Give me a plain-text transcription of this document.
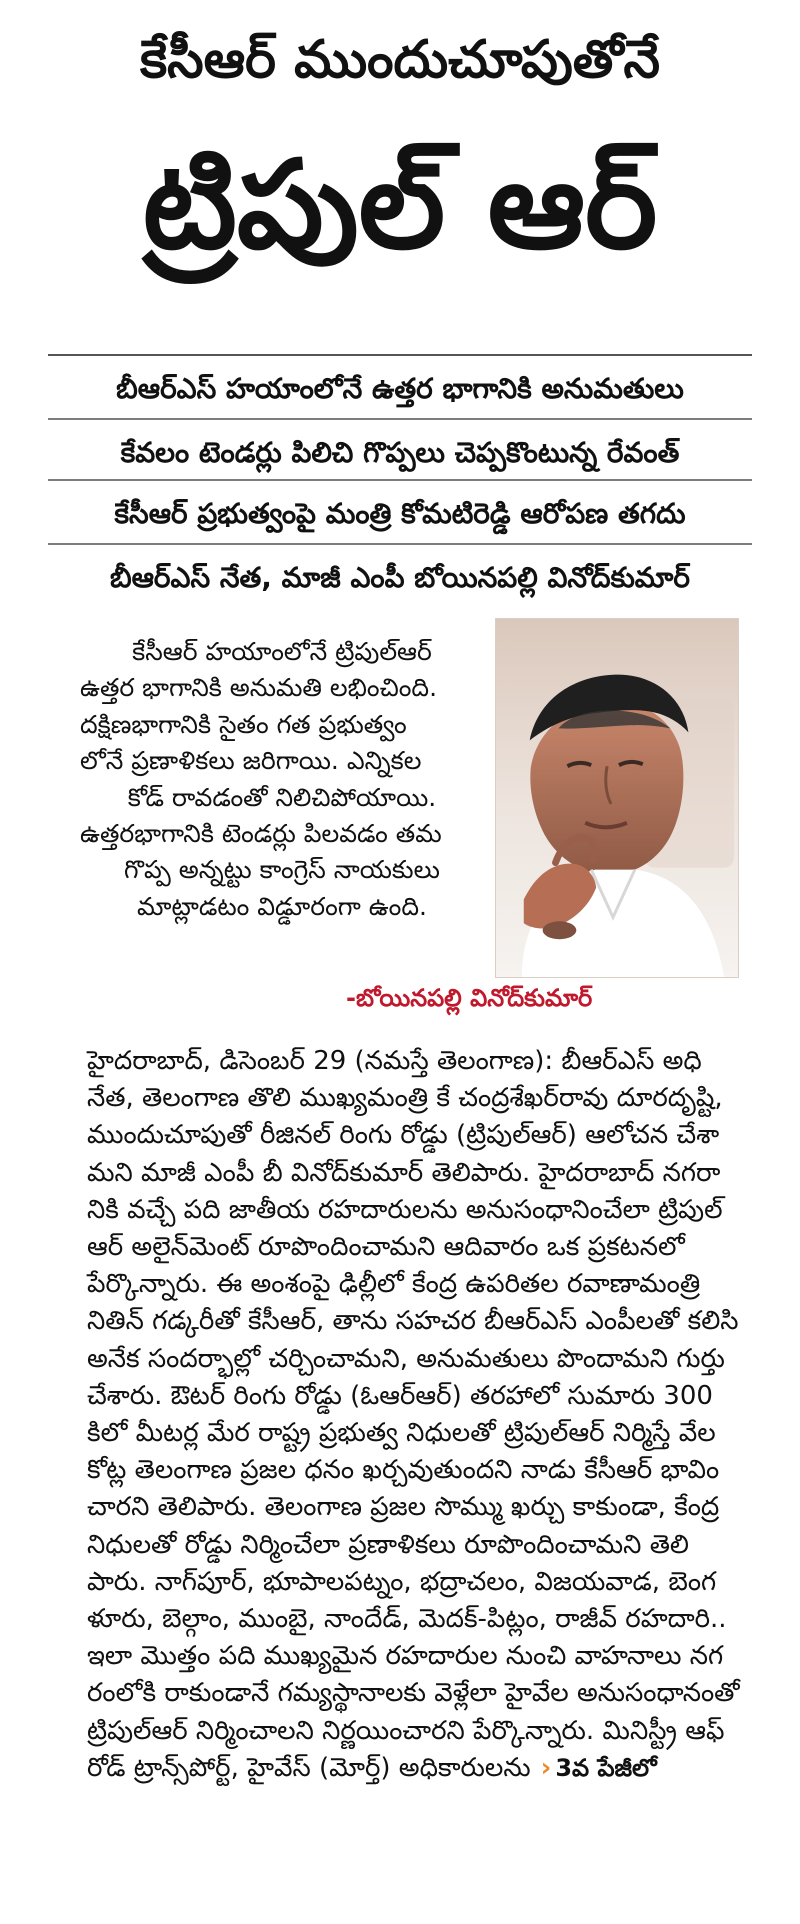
కేసీఆర్ ముందుచూపుతోనే
ట్రిపుల్ ఆర్
బీఆర్ఎస్ హయాంలోనే ఉత్తర భాగానికి అనుమతులు
కేవలం టెండర్లు పిలిచి గొప్పలు చెప్పకొంటున్న రేవంత్
కేసీఆర్ ప్రభుత్వంపై మంత్రి కోమటిరెడ్డి ఆరోపణ తగదు
బీఆర్ఎస్ నేత, మాజీ ఎంపీ బోయినపల్లి వినోద్‌కుమార్
కేసీఆర్ హయాంలోనే ట్రిపుల్‌ఆర్
ఉత్తర భాగానికి అనుమతి లభించింది.
దక్షిణభాగానికి సైతం గత ప్రభుత్వం
లోనే ప్రణాళికలు జరిగాయి. ఎన్నికల
కోడ్ రావడంతో నిలిచిపోయాయి.
ఉత్తరభాగానికి టెండర్లు పిలవడం తమ
గొప్ప అన్నట్టు కాంగ్రెస్ నాయకులు
మాట్లాడటం విడ్డూరంగా ఉంది.
-బోయినపల్లి వినోద్‌కుమార్
హైదరాబాద్, డిసెంబర్ 29 (నమస్తే తెలంగాణ): బీఆర్ఎస్ అధి
నేత, తెలంగాణ తొలి ముఖ్యమంత్రి కే చంద్రశేఖర్‌రావు దూరదృష్టి,
ముందుచూపుతో రీజినల్ రింగు రోడ్డు (ట్రిపుల్‌ఆర్) ఆలోచన చేశా
మని మాజీ ఎంపీ బీ వినోద్‌కుమార్ తెలిపారు. హైదరాబాద్ నగరా
నికి వచ్చే పది జాతీయ రహదారులను అనుసంధానించేలా ట్రిపుల్
ఆర్ అలైన్‌మెంట్ రూపొందించామని ఆదివారం ఒక ప్రకటనలో
పేర్కొన్నారు. ఈ అంశంపై ఢిల్లీలో కేంద్ర ఉపరితల రవాణామంత్రి
నితిన్ గడ్కరీతో కేసీఆర్, తాను సహచర బీఆర్ఎస్ ఎంపీలతో కలిసి
అనేక సందర్భాల్లో చర్చించామని, అనుమతులు పొందామని గుర్తు
చేశారు. ఔటర్ రింగు రోడ్డు (ఓఆర్ఆర్) తరహాలో సుమారు 300
కిలో మీటర్ల మేర రాష్ట్ర ప్రభుత్వ నిధులతో ట్రిపుల్‌ఆర్ నిర్మిస్తే వేల
కోట్ల తెలంగాణ ప్రజల ధనం ఖర్చవుతుందని నాడు కేసీఆర్ భావిం
చారని తెలిపారు. తెలంగాణ ప్రజల సొమ్ము ఖర్చు కాకుండా, కేంద్ర
నిధులతో రోడ్డు నిర్మించేలా ప్రణాళికలు రూపొందించామని తెలి
పారు. నాగ్‌పూర్, భూపాలపట్నం, భద్రాచలం, విజయవాడ, బెంగ
ళూరు, బెల్గాం, ముంబై, నాందేడ్, మెదక్-పిట్లం, రాజీవ్ రహదారి..
ఇలా మొత్తం పది ముఖ్యమైన రహదారుల నుంచి వాహనాలు నగ
రంలోకి రాకుండానే గమ్యస్థానాలకు వెళ్లేలా హైవేల అనుసంధానంతో
ట్రిపుల్‌ఆర్ నిర్మించాలని నిర్ణయించారని పేర్కొన్నారు. మినిస్ట్రీ ఆఫ్
రోడ్ ట్రాన్స్‌పోర్ట్, హైవేస్ (మోర్త్) అధికారులను › 3వ పేజీలో
